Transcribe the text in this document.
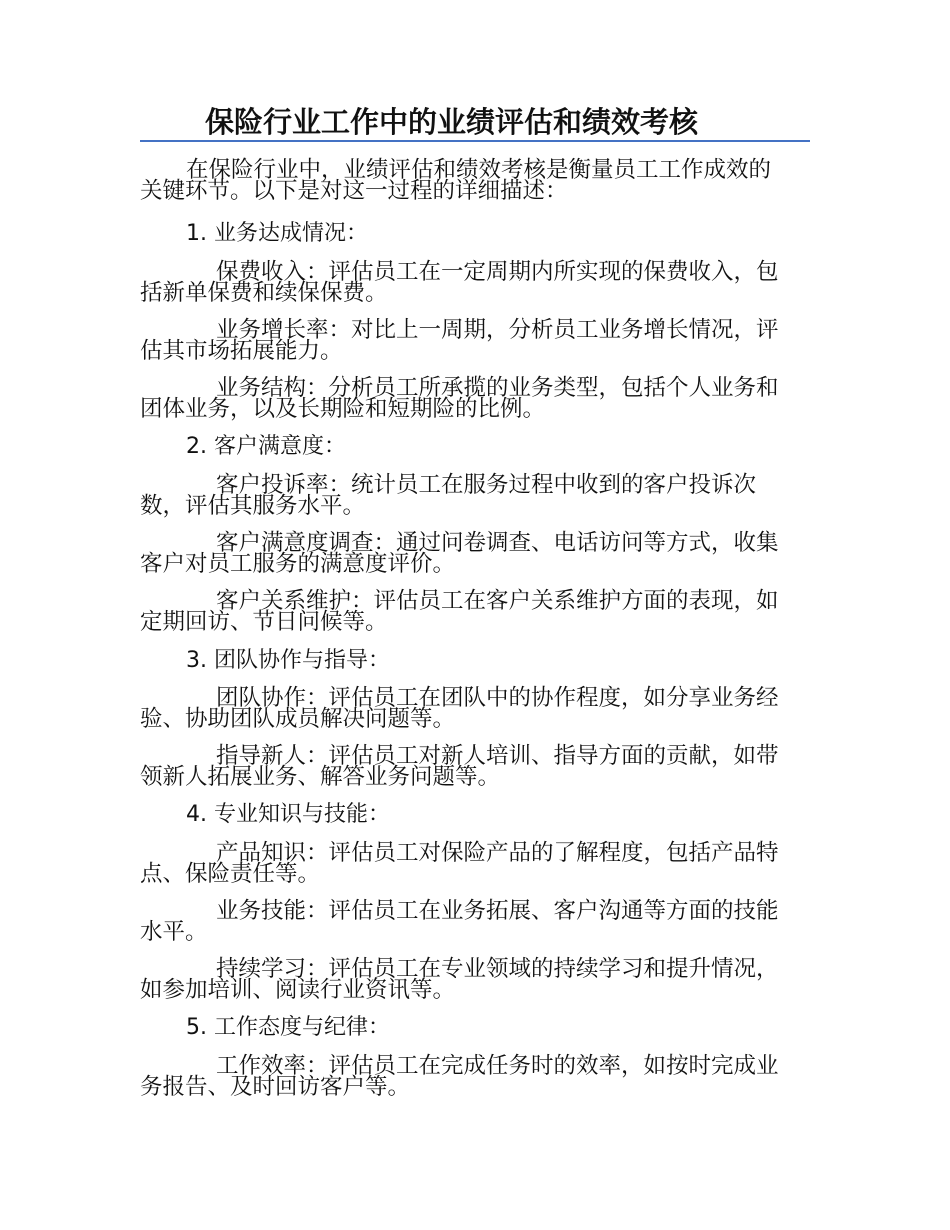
保险行业工作中的业绩评估和绩效考核
在保险行业中，业绩评估和绩效考核是衡量员工工作成效的关键环节。以下是对这一过程的详细描述：
1. 业务达成情况：
保费收入：评估员工在一定周期内所实现的保费收入，包括新单保费和续保保费。
业务增长率：对比上一周期，分析员工业务增长情况，评估其市场拓展能力。
业务结构：分析员工所承揽的业务类型，包括个人业务和团体业务，以及长期险和短期险的比例。
2. 客户满意度：
客户投诉率：统计员工在服务过程中收到的客户投诉次数，评估其服务水平。
客户满意度调查：通过问卷调查、电话访问等方式，收集客户对员工服务的满意度评价。
客户关系维护：评估员工在客户关系维护方面的表现，如定期回访、节日问候等。
3. 团队协作与指导：
团队协作：评估员工在团队中的协作程度，如分享业务经验、协助团队成员解决问题等。
指导新人：评估员工对新人培训、指导方面的贡献，如带领新人拓展业务、解答业务问题等。
4. 专业知识与技能：
产品知识：评估员工对保险产品的了解程度，包括产品特点、保险责任等。
业务技能：评估员工在业务拓展、客户沟通等方面的技能水平。
持续学习：评估员工在专业领域的持续学习和提升情况，如参加培训、阅读行业资讯等。
5. 工作态度与纪律：
工作效率：评估员工在完成任务时的效率，如按时完成业务报告、及时回访客户等。
